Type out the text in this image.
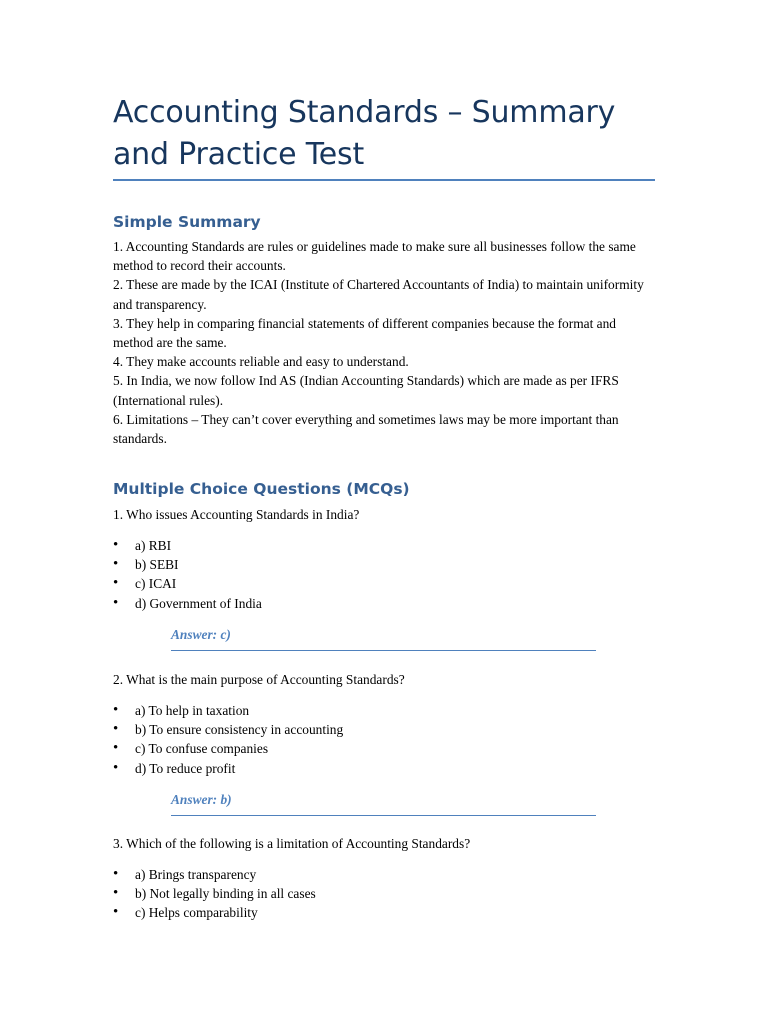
Accounting Standards – Summary and Practice Test
Simple Summary

1. Accounting Standards are rules or guidelines made to make sure all businesses follow the same method to record their accounts.

2. These are made by the ICAI (Institute of Chartered Accountants of India) to maintain uniformity and transparency.

3. They help in comparing financial statements of different companies because the format and method are the same.

4. They make accounts reliable and easy to understand.

5. In India, we now follow Ind AS (Indian Accounting Standards) which are made as per IFRS (International rules).

6. Limitations – They can’t cover everything and sometimes laws may be more important than standards.

Multiple Choice Questions (MCQs)

1. Who issues Accounting Standards in India?

• a) RBI
• b) SEBI
• c) ICAI
• d) Government of India
Answer: c)

2. What is the main purpose of Accounting Standards?

• a) To help in taxation
• b) To ensure consistency in accounting
• c) To confuse companies
• d) To reduce profit
Answer: b)

3. Which of the following is a limitation of Accounting Standards?

• a) Brings transparency
• b) Not legally binding in all cases
• c) Helps comparability
